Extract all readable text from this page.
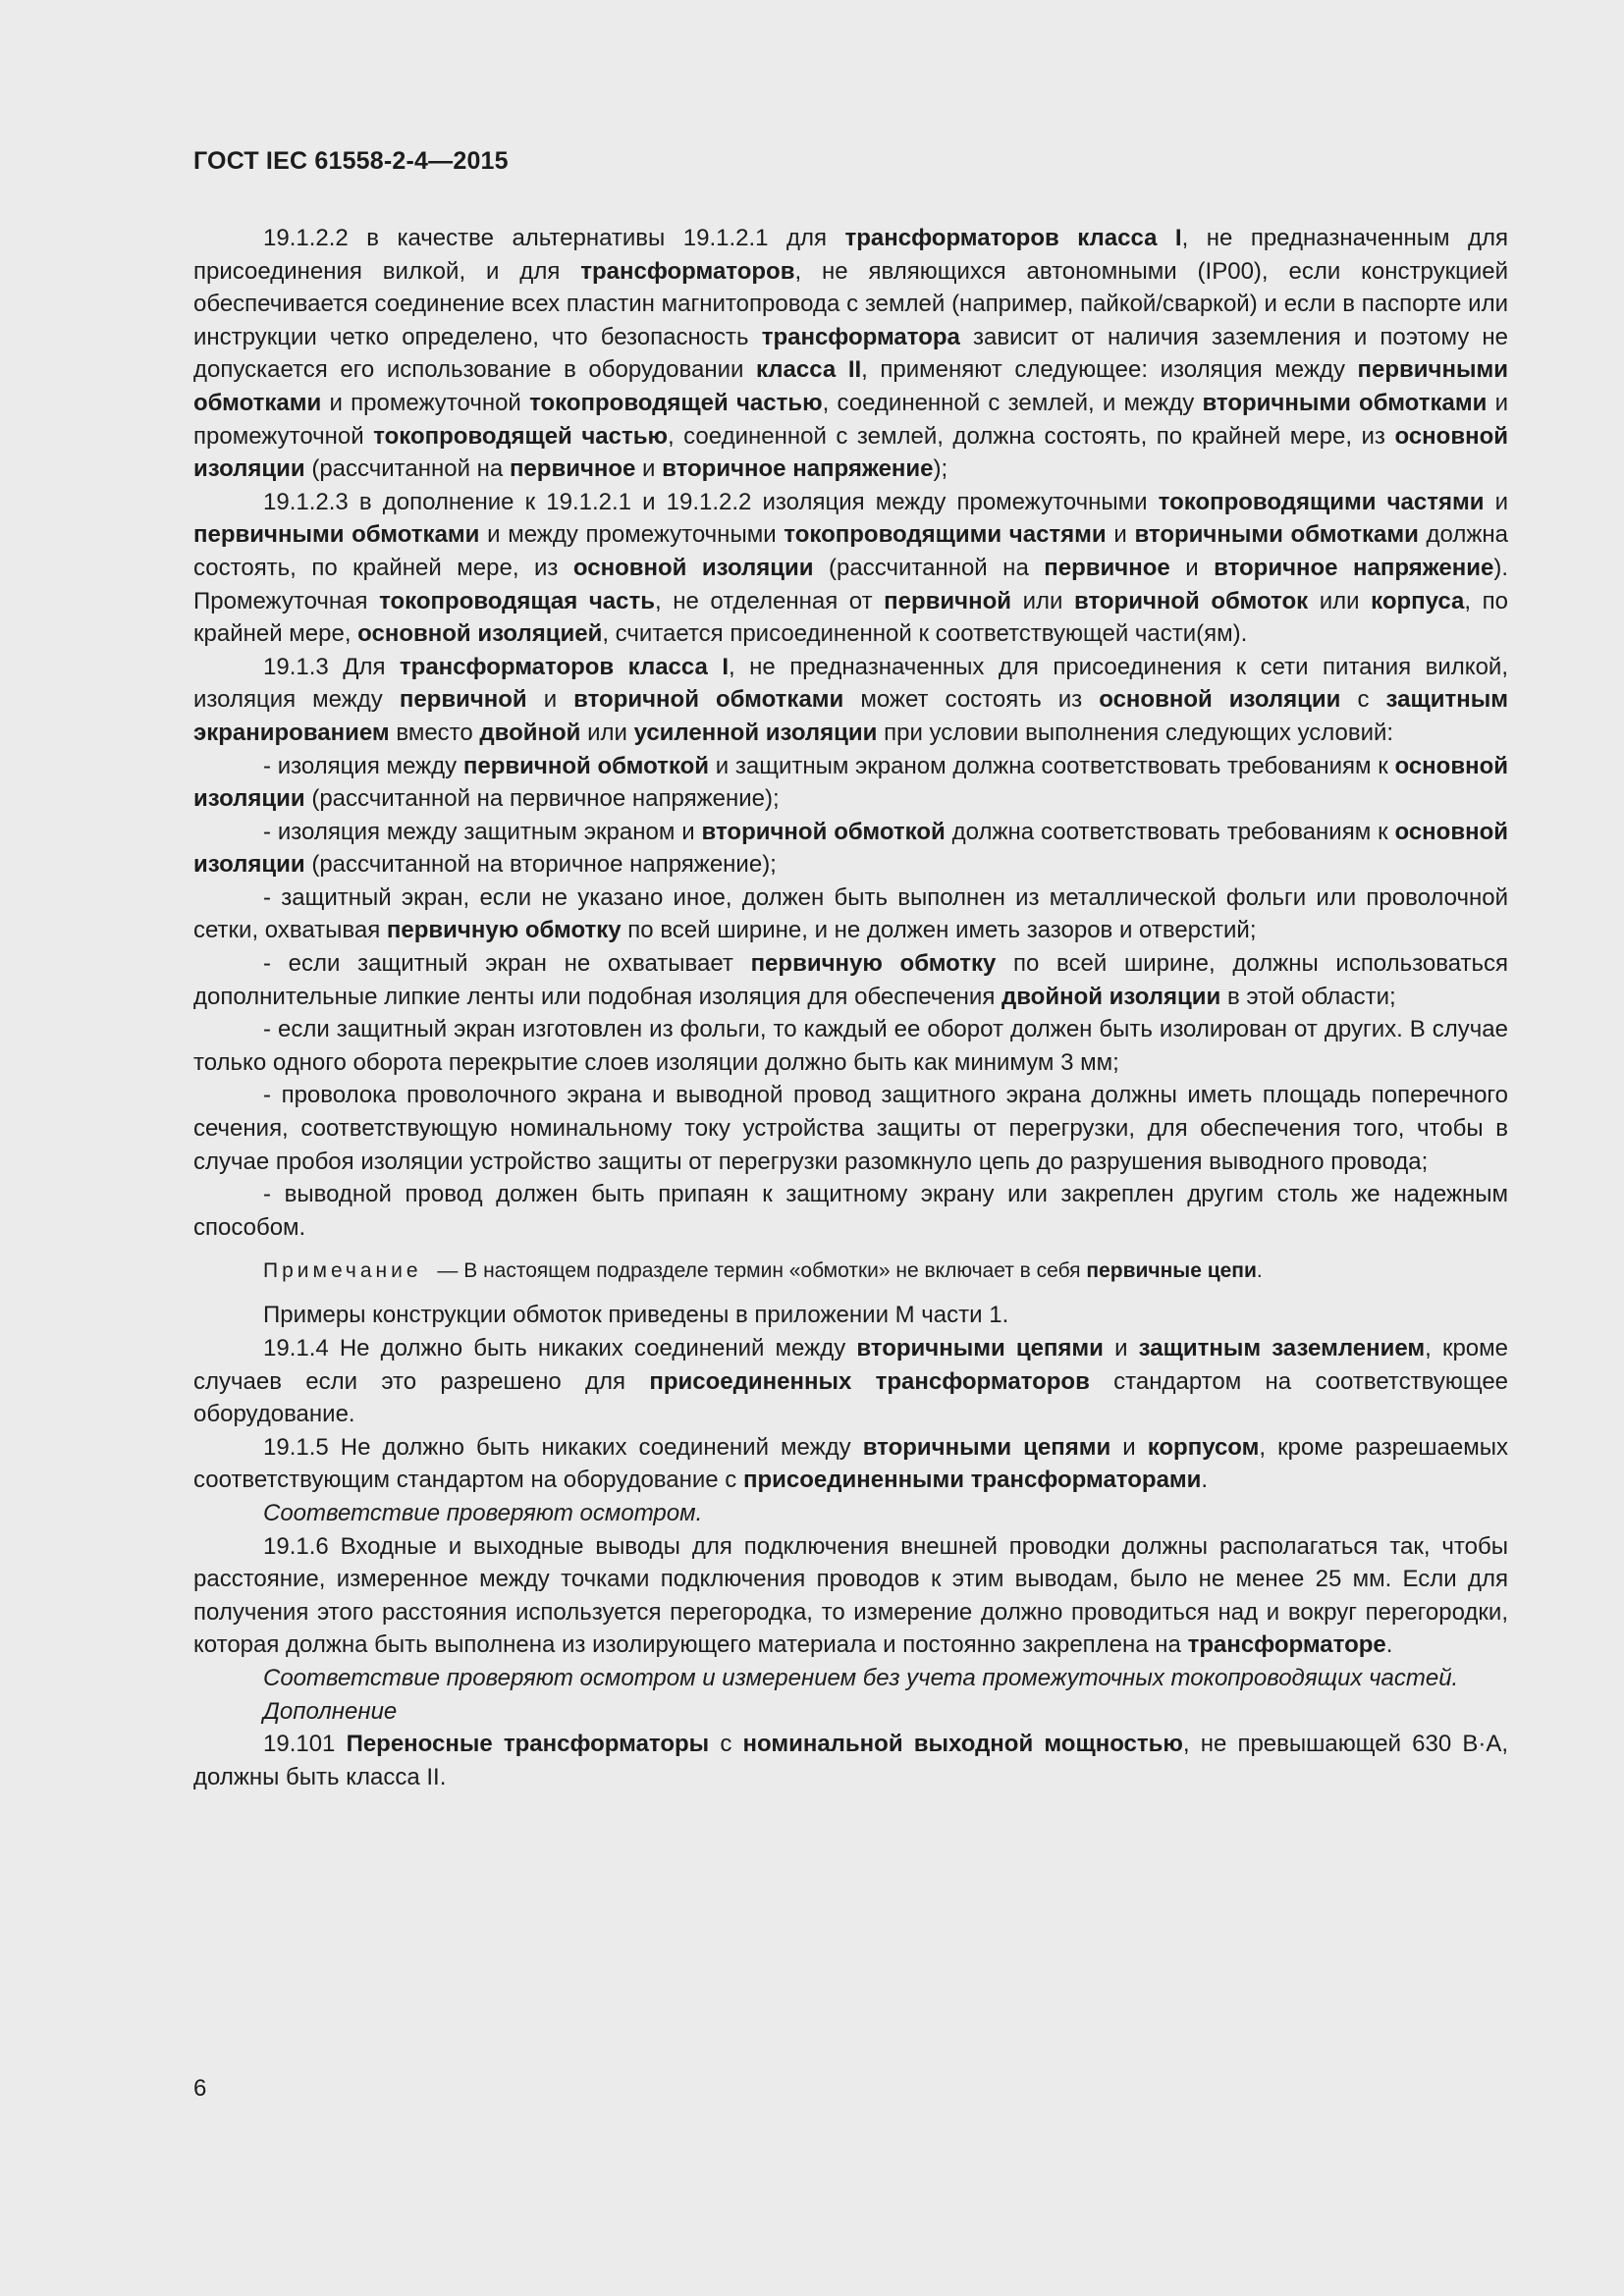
ГОСТ IEC 61558-2-4—2015

19.1.2.2 в качестве альтернативы 19.1.2.1 для трансформаторов класса I, не предназначенным для присоединения вилкой, и для трансформаторов, не являющихся автономными (IP00), если конструкцией обеспечивается соединение всех пластин магнитопровода с землей (например, пайкой/сваркой) и если в паспорте или инструкции четко определено, что безопасность трансформатора зависит от наличия заземления и поэтому не допускается его использование в оборудовании класса II, применяют следующее: изоляция между первичными обмотками и промежуточной токопроводящей частью, соединенной с землей, и между вторичными обмотками и промежуточной токопроводящей частью, соединенной с землей, должна состоять, по крайней мере, из основной изоляции (рассчитанной на первичное и вторичное напряжение);

19.1.2.3 в дополнение к 19.1.2.1 и 19.1.2.2 изоляция между промежуточными токопроводящими частями и первичными обмотками и между промежуточными токопроводящими частями и вторичными обмотками должна состоять, по крайней мере, из основной изоляции (рассчитанной на первичное и вторичное напряжение). Промежуточная токопроводящая часть, не отделенная от первичной или вторичной обмоток или корпуса, по крайней мере, основной изоляцией, считается присоединенной к соответствующей части(ям).

19.1.3 Для трансформаторов класса I, не предназначенных для присоединения к сети питания вилкой, изоляция между первичной и вторичной обмотками может состоять из основной изоляции с защитным экранированием вместо двойной или усиленной изоляции при условии выполнения следующих условий:

- изоляция между первичной обмоткой и защитным экраном должна соответствовать требованиям к основной изоляции (рассчитанной на первичное напряжение);

- изоляция между защитным экраном и вторичной обмоткой должна соответствовать требованиям к основной изоляции (рассчитанной на вторичное напряжение);

- защитный экран, если не указано иное, должен быть выполнен из металлической фольги или проволочной сетки, охватывая первичную обмотку по всей ширине, и не должен иметь зазоров и отверстий;

- если защитный экран не охватывает первичную обмотку по всей ширине, должны использоваться дополнительные липкие ленты или подобная изоляция для обеспечения двойной изоляции в этой области;

- если защитный экран изготовлен из фольги, то каждый ее оборот должен быть изолирован от других. В случае только одного оборота перекрытие слоев изоляции должно быть как минимум 3 мм;

- проволока проволочного экрана и выводной провод защитного экрана должны иметь площадь поперечного сечения, соответствующую номинальному току устройства защиты от перегрузки, для обеспечения того, чтобы в случае пробоя изоляции устройство защиты от перегрузки разомкнуло цепь до разрушения выводного провода;

- выводной провод должен быть припаян к защитному экрану или закреплен другим столь же надежным способом.

Примечание — В настоящем подразделе термин «обмотки» не включает в себя первичные цепи.

Примеры конструкции обмоток приведены в приложении М части 1.

19.1.4 Не должно быть никаких соединений между вторичными цепями и защитным заземлением, кроме случаев если это разрешено для присоединенных трансформаторов стандартом на соответствующее оборудование.

19.1.5 Не должно быть никаких соединений между вторичными цепями и корпусом, кроме разрешаемых соответствующим стандартом на оборудование с присоединенными трансформаторами.

Соответствие проверяют осмотром.

19.1.6 Входные и выходные выводы для подключения внешней проводки должны располагаться так, чтобы расстояние, измеренное между точками подключения проводов к этим выводам, было не менее 25 мм. Если для получения этого расстояния используется перегородка, то измерение должно проводиться над и вокруг перегородки, которая должна быть выполнена из изолирующего материала и постоянно закреплена на трансформаторе.

Соответствие проверяют осмотром и измерением без учета промежуточных токопроводящих частей.

Дополнение

19.101 Переносные трансформаторы с номинальной выходной мощностью, не превышающей 630 В·А, должны быть класса II.

6
